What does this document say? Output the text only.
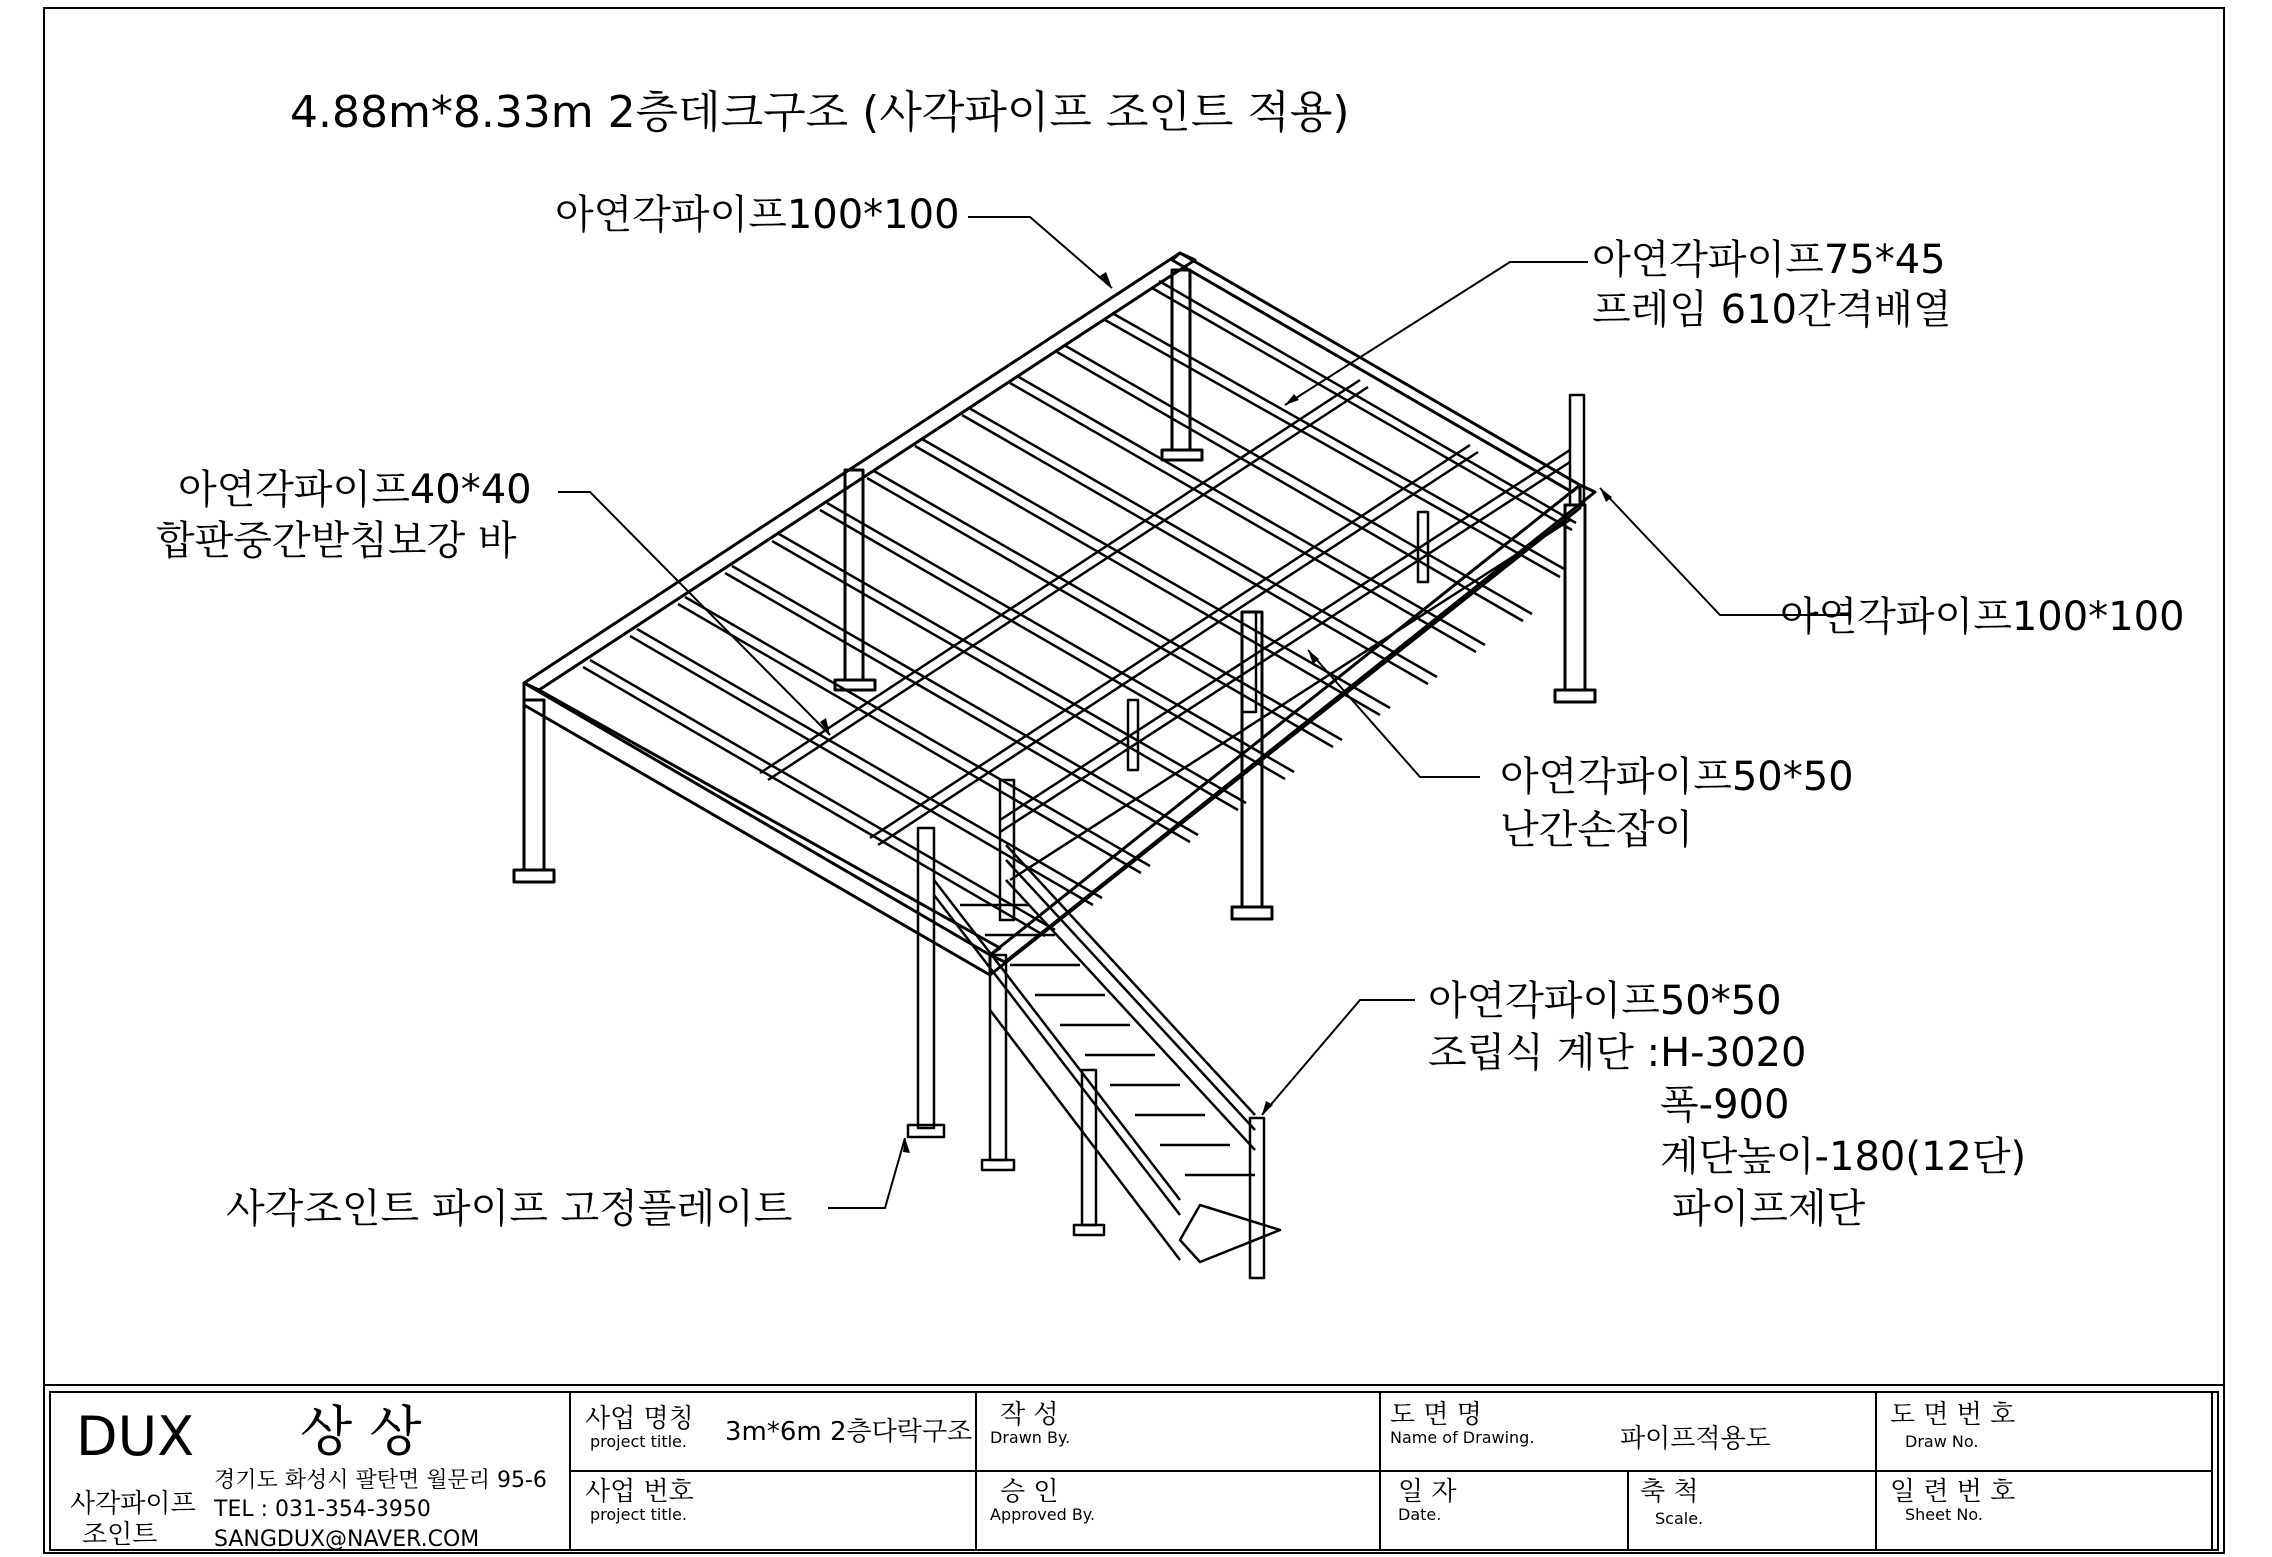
4.88m*8.33m 2층데크구조 (사각파이프 조인트 적용)
아연각파이프100*100
아연각파이프75*45
프레임 610간격배열
아연각파이프40*40
합판중간받침보강 바
아연각파이프100*100
아연각파이프50*50
난간손잡이
아연각파이프50*50
조립식 계단 :H-3020
폭-900
계단높이-180(12단)
파이프제단
사각조인트 파이프 고정플레이트
DUX 상 상
사각파이프
조인트
경기도 화성시 팔탄면 월문리 95-6
TEL : 031-354-3950
SANGDUX@NAVER.COM
사업 명칭
project title. 3m*6m 2층다락구조
사업 번호
project title.
작 성
Drawn By.
승 인
Approved By.
도 면 명
Name of Drawing.	파이프적용도
일 자
Date.
축 척
Scale.
도 면 번 호
Draw No.
일 련 번 호
Sheet No.
